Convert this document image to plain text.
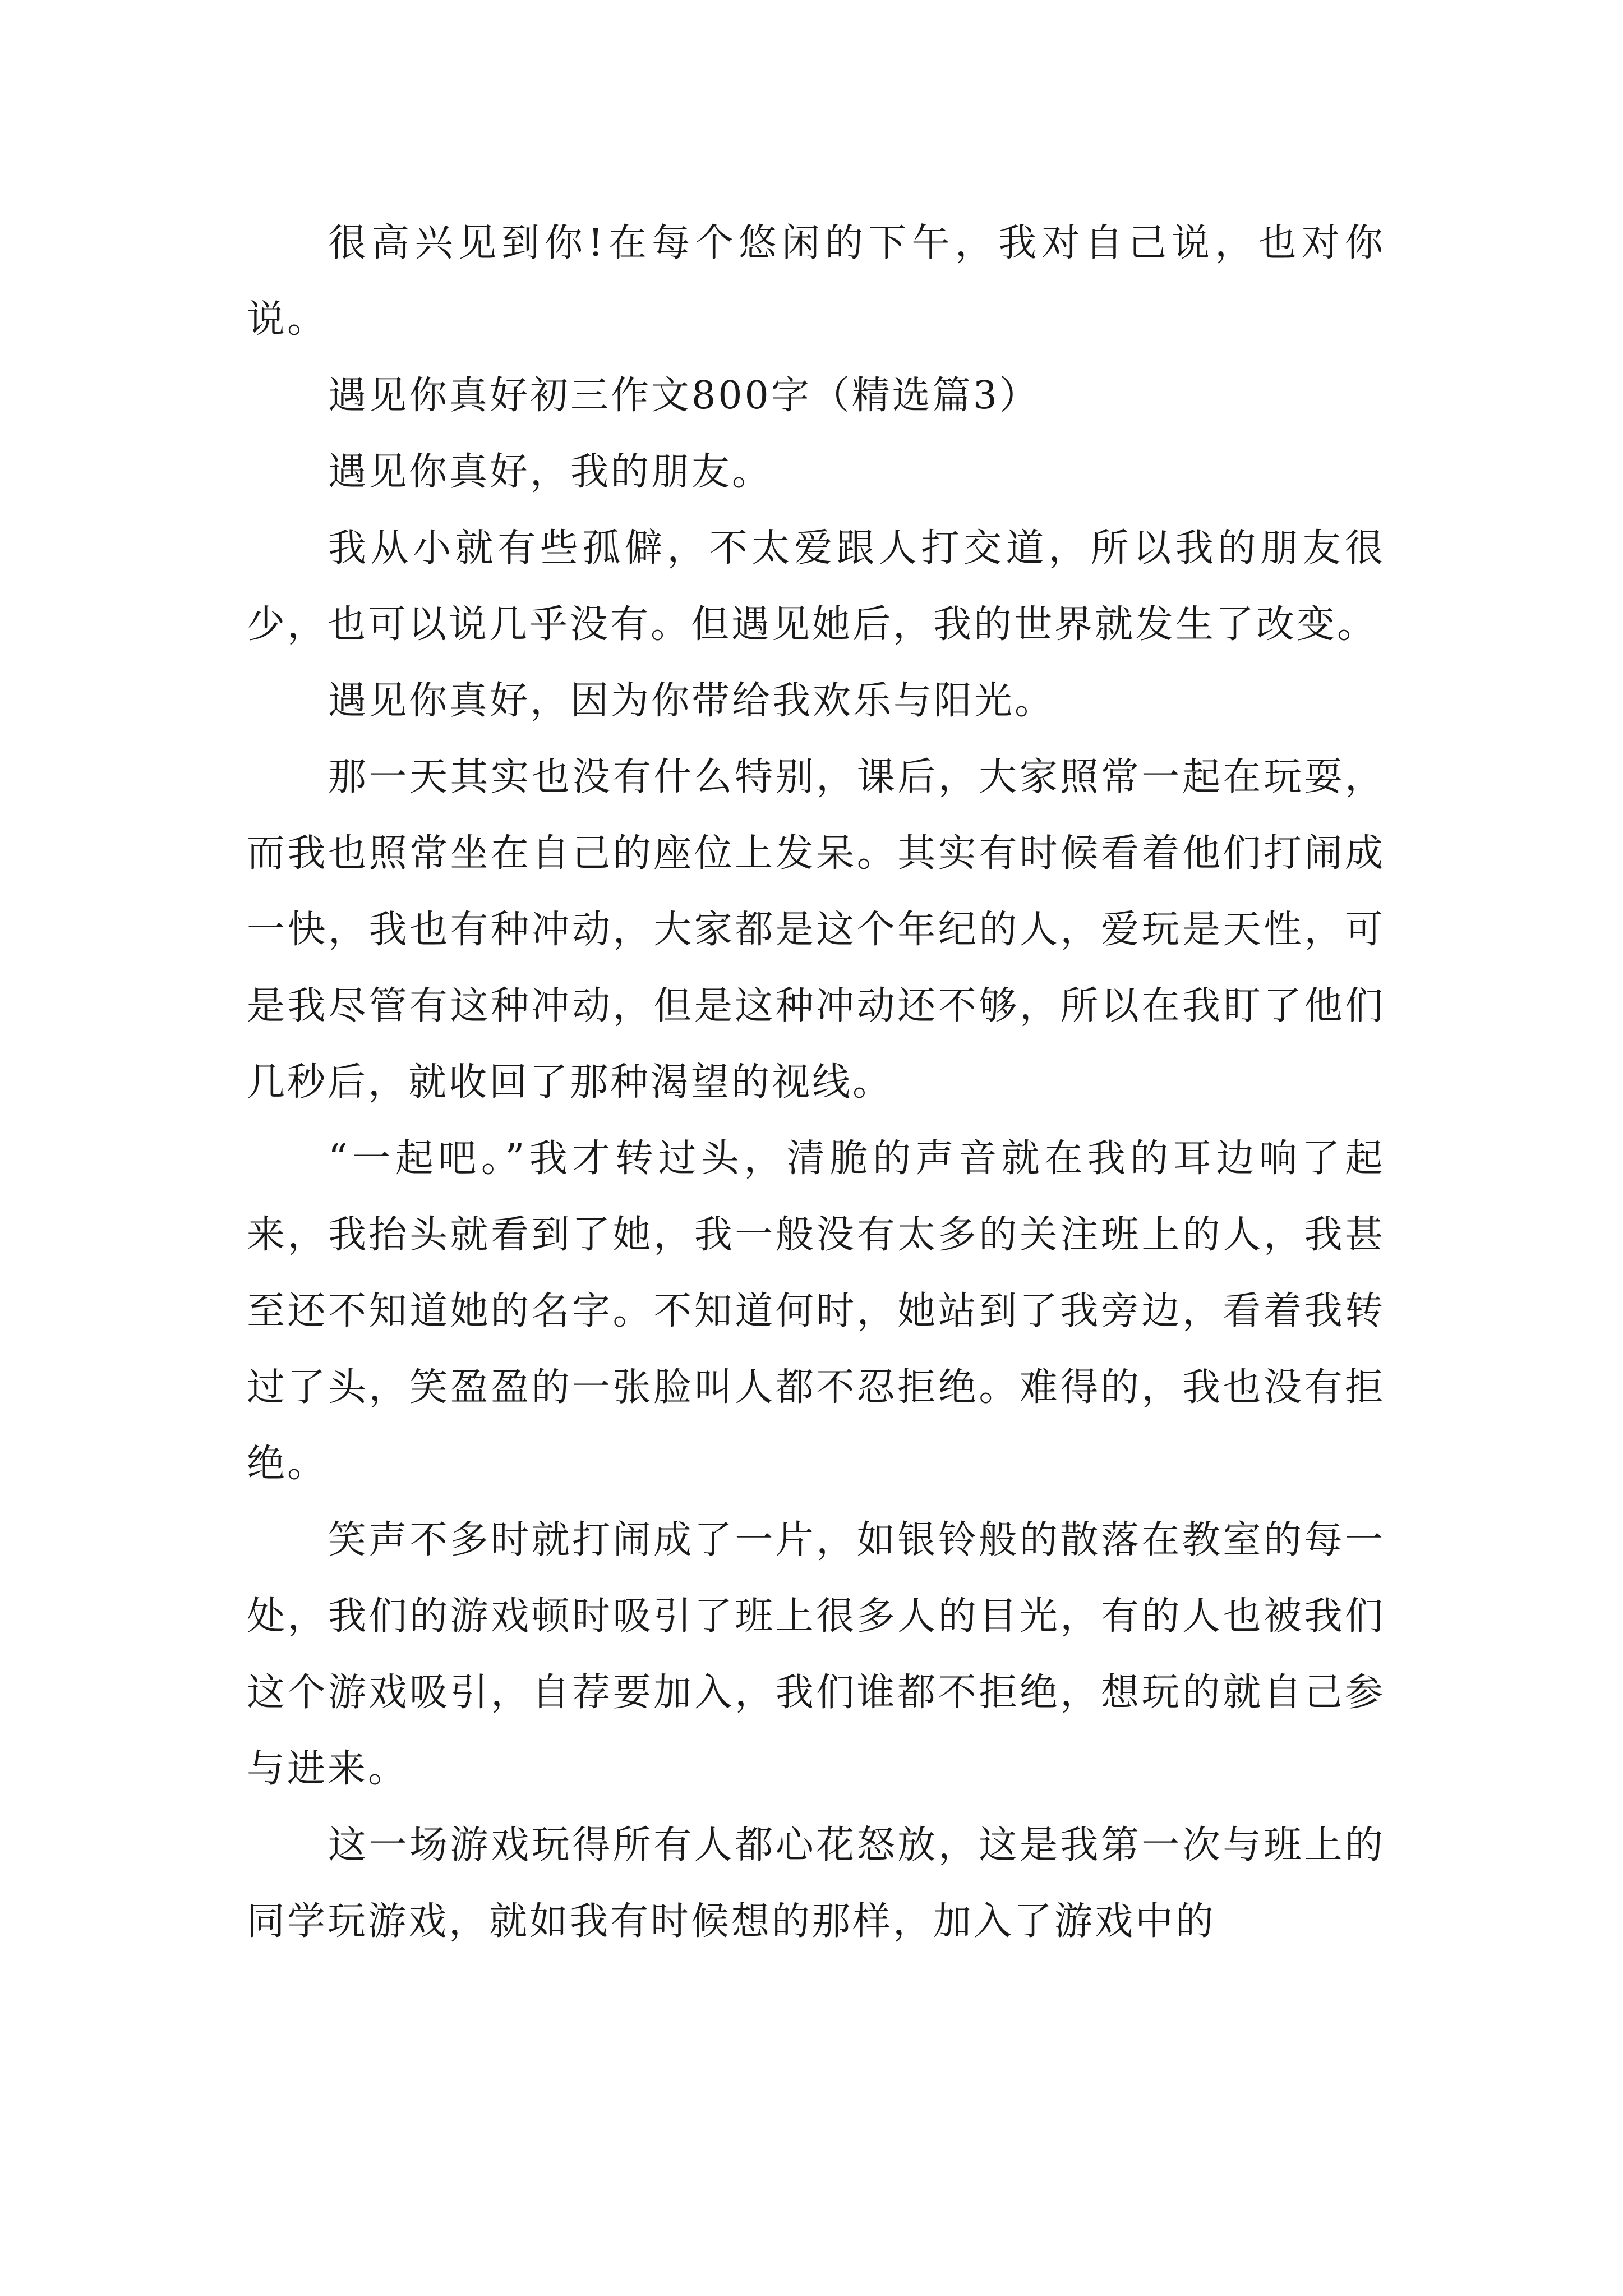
很高兴见到你!在每个悠闲的下午，我对自己说，也对你说。

遇见你真好初三作文800字（精选篇3）

遇见你真好，我的朋友。

我从小就有些孤僻，不太爱跟人打交道，所以我的朋友很少，也可以说几乎没有。但遇见她后，我的世界就发生了改变。

遇见你真好，因为你带给我欢乐与阳光。

那一天其实也没有什么特别，课后，大家照常一起在玩耍，而我也照常坐在自己的座位上发呆。其实有时候看着他们打闹成一快，我也有种冲动，大家都是这个年纪的人，爱玩是天性，可是我尽管有这种冲动，但是这种冲动还不够，所以在我盯了他们几秒后，就收回了那种渴望的视线。

“一起吧。”我才转过头，清脆的声音就在我的耳边响了起来，我抬头就看到了她，我一般没有太多的关注班上的人，我甚至还不知道她的名字。不知道何时，她站到了我旁边，看着我转过了头，笑盈盈的一张脸叫人都不忍拒绝。难得的，我也没有拒绝。

笑声不多时就打闹成了一片，如银铃般的散落在教室的每一处，我们的游戏顿时吸引了班上很多人的目光，有的人也被我们这个游戏吸引，自荐要加入，我们谁都不拒绝，想玩的就自己参与进来。

这一场游戏玩得所有人都心花怒放，这是我第一次与班上的同学玩游戏，就如我有时候想的那样，加入了游戏中的
